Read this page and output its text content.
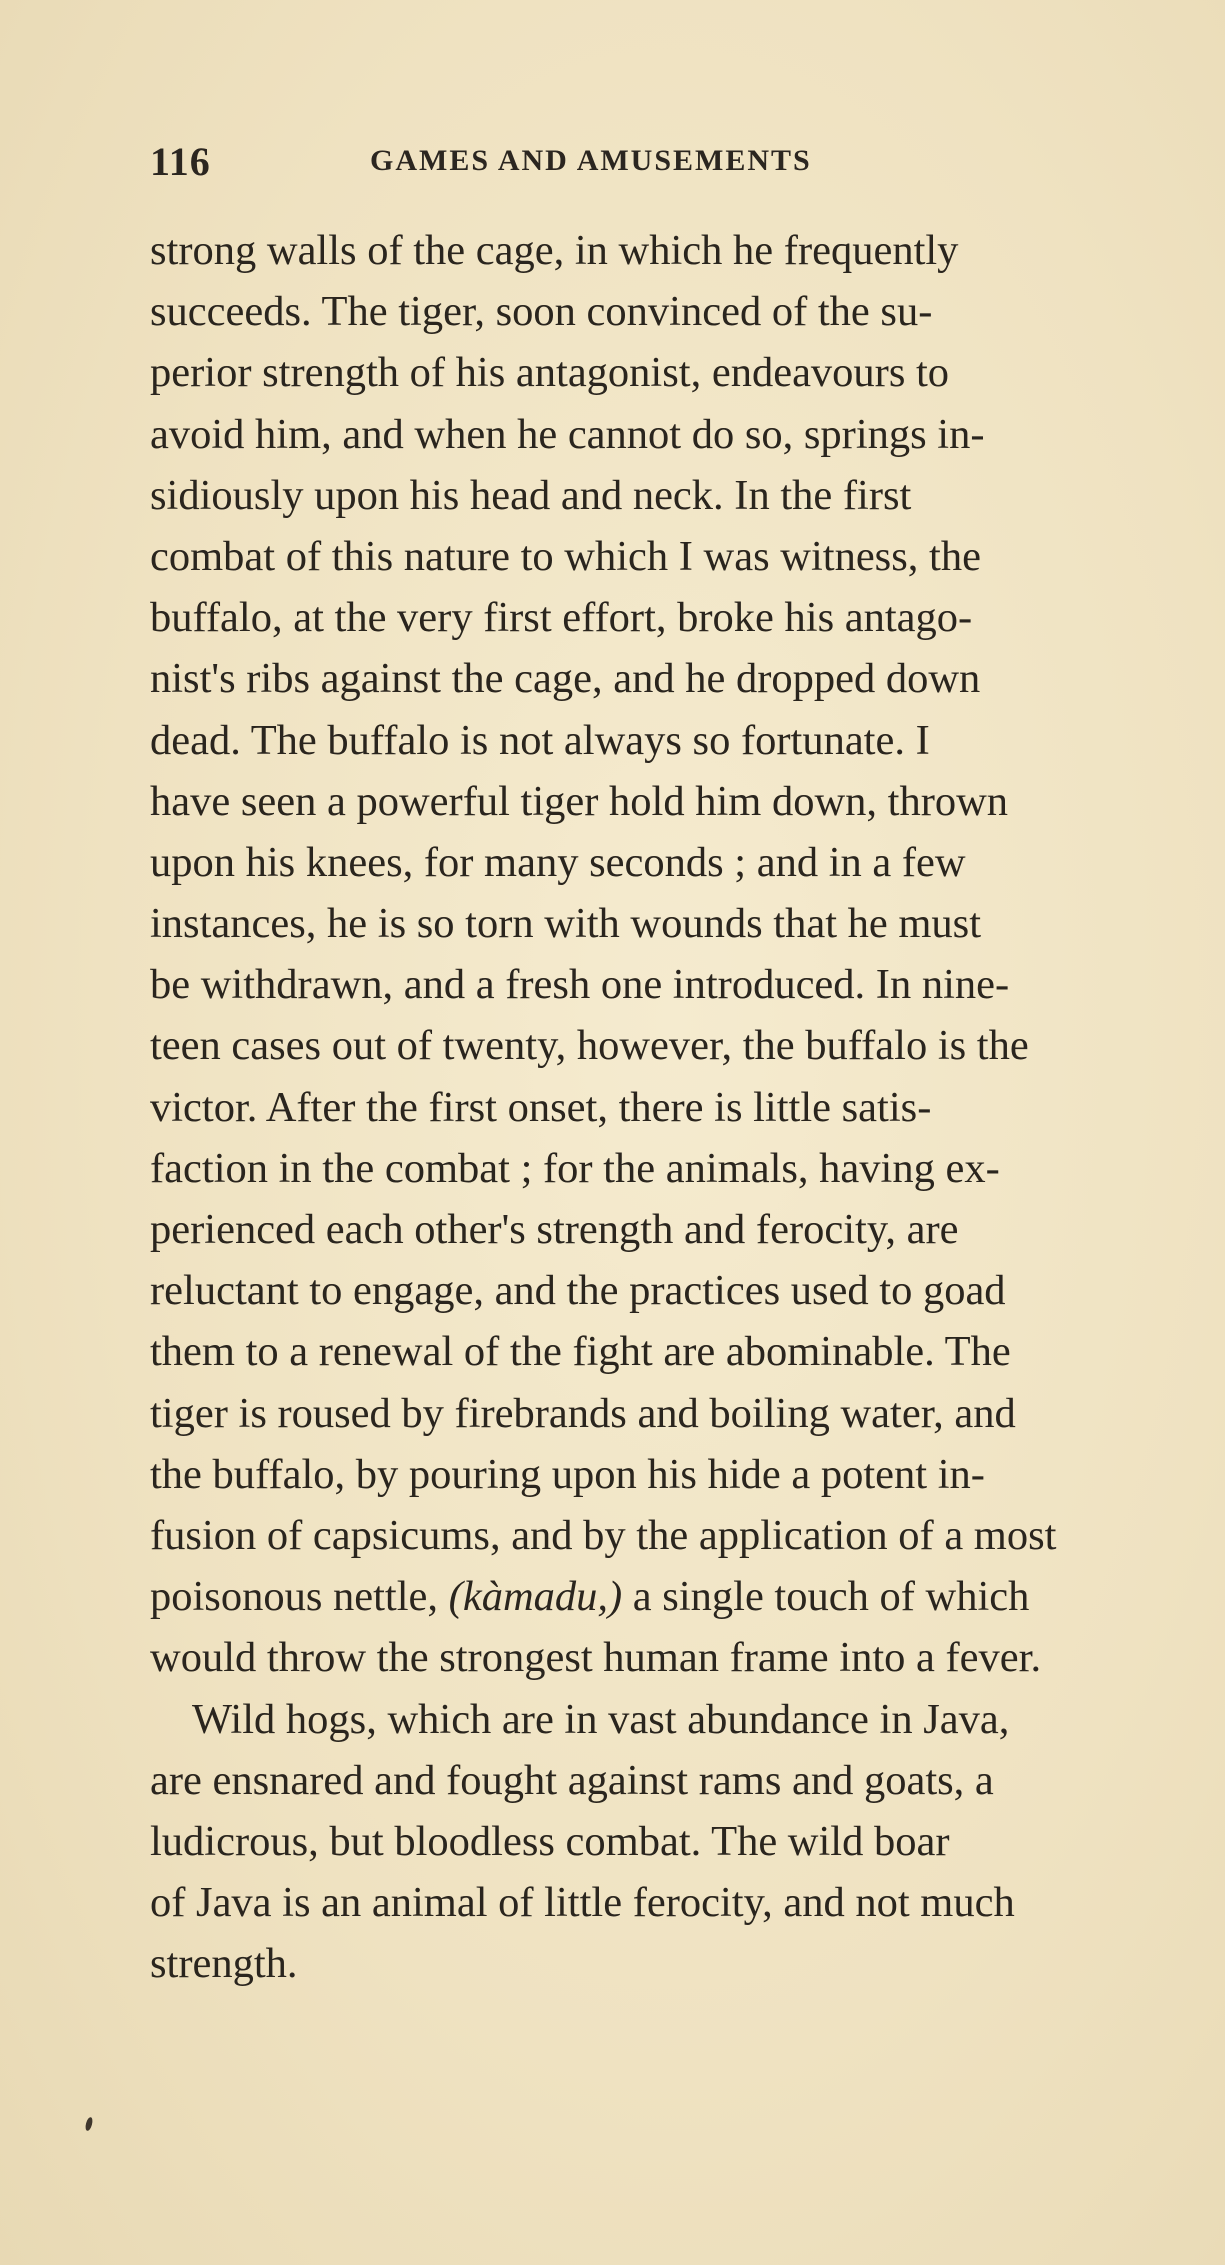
116	GAMES AND AMUSEMENTS
strong walls of the cage, in which he frequently
succeeds. The tiger, soon convinced of the su-
perior strength of his antagonist, endeavours to
avoid him, and when he cannot do so, springs in-
sidiously upon his head and neck. In the first
combat of this nature to which I was witness, the
buffalo, at the very first effort, broke his antago-
nist's ribs against the cage, and he dropped down
dead. The buffalo is not always so fortunate. I
have seen a powerful tiger hold him down, thrown
upon his knees, for many seconds ; and in a few
instances, he is so torn with wounds that he must
be withdrawn, and a fresh one introduced. In nine-
teen cases out of twenty, however, the buffalo is the
victor. After the first onset, there is little satis-
faction in the combat ; for the animals, having ex-
perienced each other's strength and ferocity, are
reluctant to engage, and the practices used to goad
them to a renewal of the fight are abominable. The
tiger is roused by firebrands and boiling water, and
the buffalo, by pouring upon his hide a potent in-
fusion of capsicums, and by the application of a most
poisonous nettle, (kàmadu,) a single touch of which
would throw the strongest human frame into a fever.
Wild hogs, which are in vast abundance in Java,
are ensnared and fought against rams and goats, a
ludicrous, but bloodless combat. The wild boar
of Java is an animal of little ferocity, and not much
strength.
